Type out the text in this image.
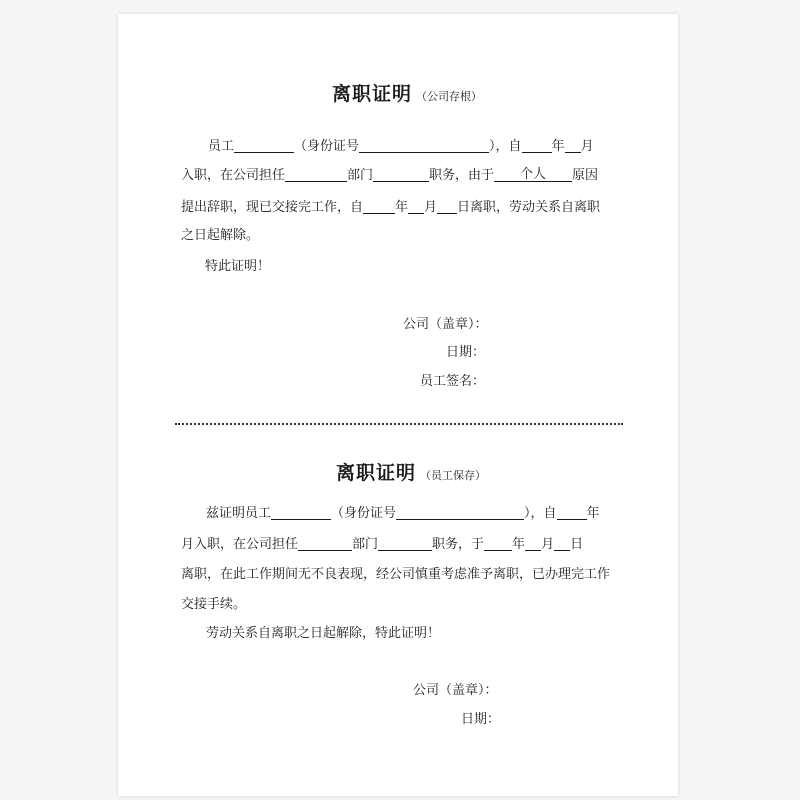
离职证明 （公司存根）
员工	（身份证号	），自 年 月
入职，在公司担任	部门	职务，由于 个人 原因
提出辞职，现已交接完工作，自 年 月 日离职，劳动关系自离职
之日起解除。
特此证明！
公司（盖章）：
日期：
员工签名：
离职证明 （员工保存）
兹证明员工	（身份证号	），自 年
月入职，在公司担任	部门	职务，于 年 月 日
离职，在此工作期间无不良表现，经公司慎重考虑准予离职，已办理完工作
交接手续。
劳动关系自离职之日起解除，特此证明！
公司（盖章）：
日期：
